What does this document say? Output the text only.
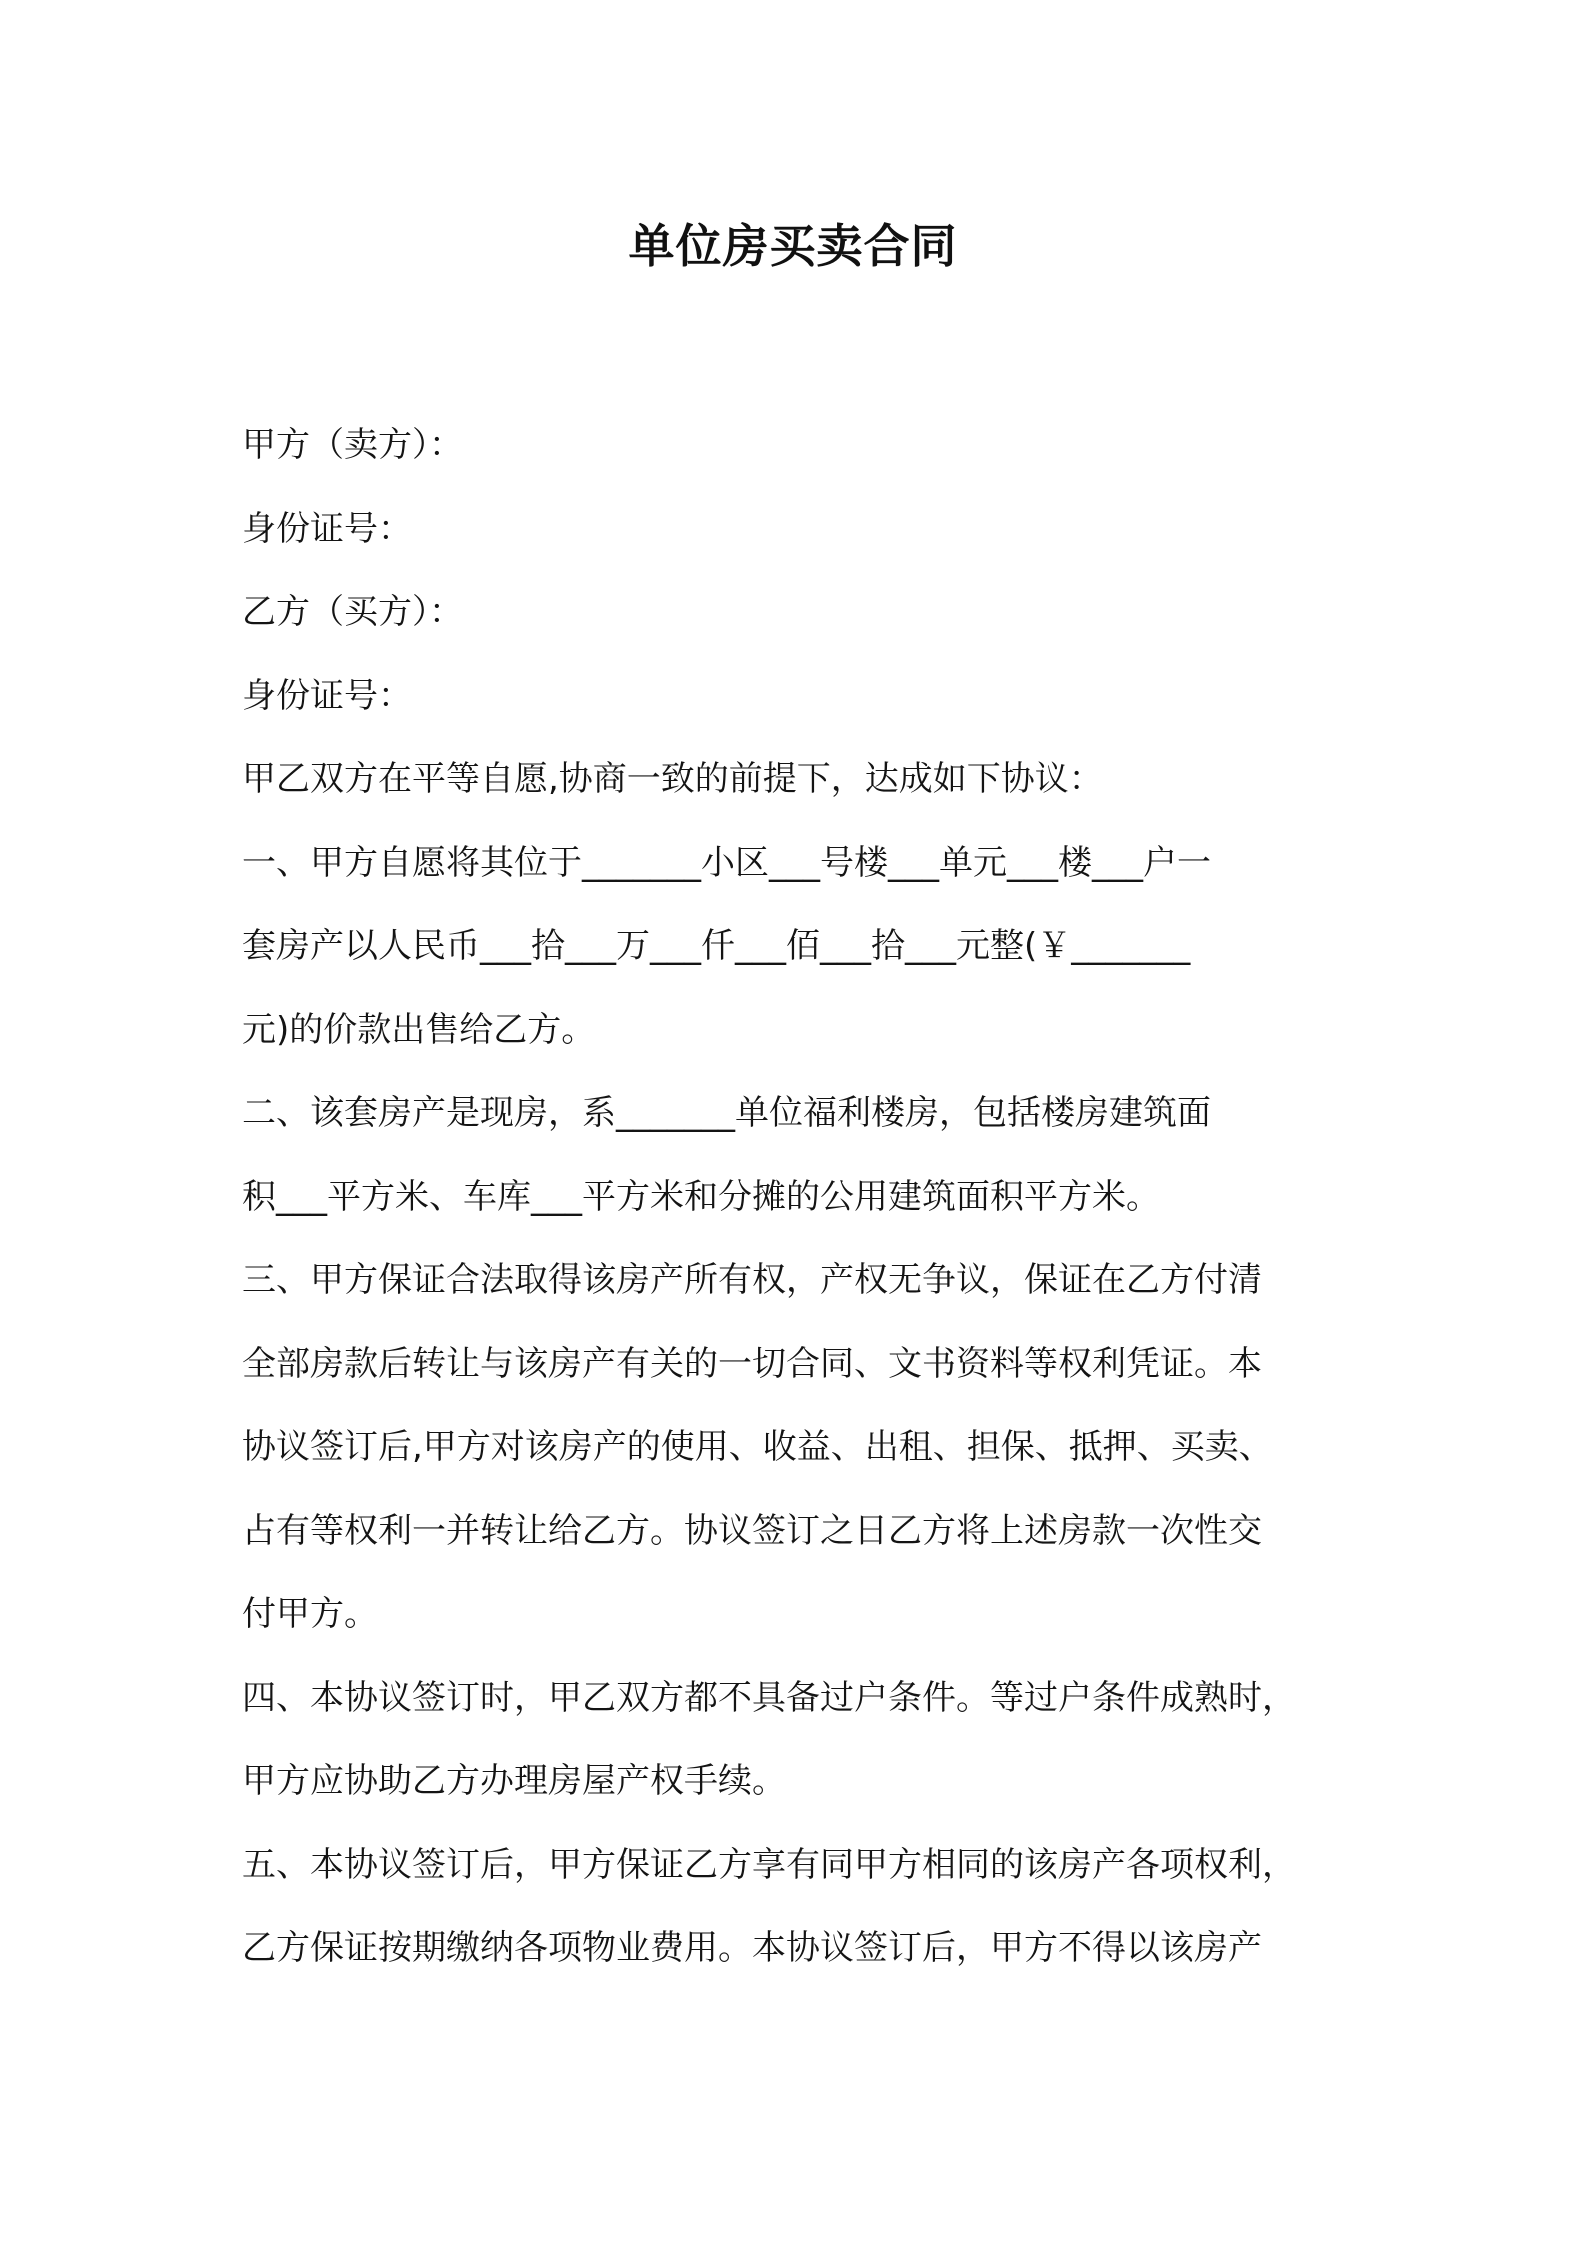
单位房买卖合同
甲方（卖方）：
身份证号：
乙方（买方）：
身份证号：
甲乙双方在平等自愿,协商一致的前提下，达成如下协议：
一、甲方自愿将其位于_______小区___号楼___单元___楼___户一
套房产以人民币___拾___万___仟___佰___拾___元整(￥_______
元)的价款出售给乙方。
二、该套房产是现房，系_______单位福利楼房，包括楼房建筑面
积___平方米、车库___平方米和分摊的公用建筑面积平方米。
三、甲方保证合法取得该房产所有权，产权无争议，保证在乙方付清
全部房款后转让与该房产有关的一切合同、文书资料等权利凭证。本
协议签订后,甲方对该房产的使用、收益、出租、担保、抵押、买卖、
占有等权利一并转让给乙方。协议签订之日乙方将上述房款一次性交
付甲方。
四、本协议签订时，甲乙双方都不具备过户条件。等过户条件成熟时，
甲方应协助乙方办理房屋产权手续。
五、本协议签订后，甲方保证乙方享有同甲方相同的该房产各项权利，
乙方保证按期缴纳各项物业费用。本协议签订后，甲方不得以该房产
